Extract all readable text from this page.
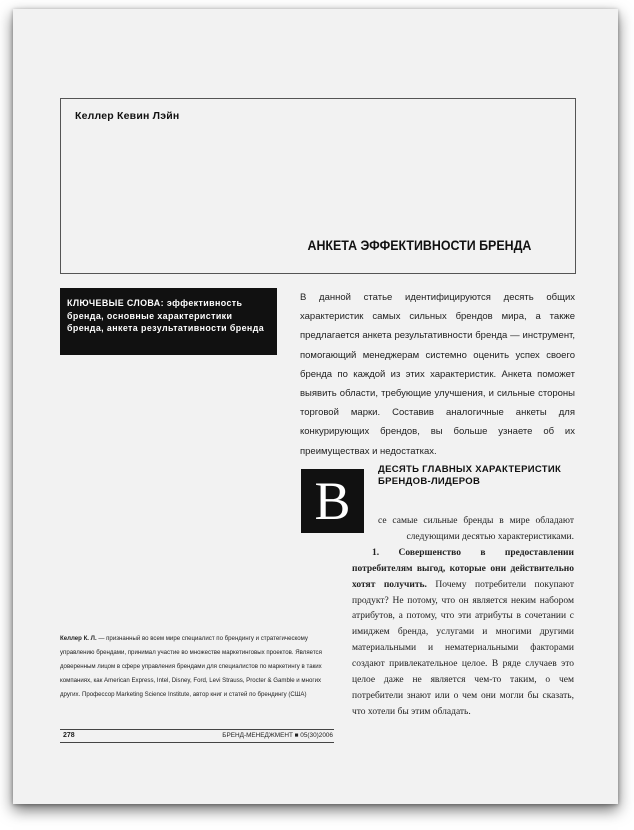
Келлер Кевин Лэйн
АНКЕТА ЭФФЕКТИВНОСТИ БРЕНДА
КЛЮЧЕВЫЕ СЛОВА: эффективность бренда, основные характеристики бренда, анкета результативности бренда
В данной статье идентифицируются десять общих характеристик самых сильных брендов мира, а также предлагается анкета результативности бренда — инструмент, помогающий менеджерам системно оценить успех своего бренда по каждой из этих характеристик. Анкета поможет выявить области, требующие улучшения, и сильные стороны торговой марки. Составив аналогичные анкеты для конкурирующих брендов, вы больше узнаете об их преимуществах и недостатках.
В
ДЕСЯТЬ ГЛАВНЫХ ХАРАКТЕРИСТИК БРЕНДОВ-ЛИДЕРОВ
се самые сильные бренды в мире обладают
следующими десятью характеристиками.

1. Совершенство в предоставлении потребителям выгод, которые они действительно хотят получить. Почему потребители покупают продукт? Не потому, что он является неким набором атрибутов, а потому, что эти атрибуты в сочетании с имиджем бренда, услугами и многими другими материальными и нематериальными факторами создают привлекательное целое. В ряде случаев это целое даже не является чем-то таким, о чем потребители знают или о чем они могли бы сказать, что хотели бы этим обладать.

Келлер К. Л. — признанный во всем мире специалист по брендингу и стратегическому управлению брендами, принимал участие во множестве маркетинговых проектов. Является доверенным лицом в сфере управления брендами для специалистов по маркетингу в таких компаниях, как American Express, Intel, Disney, Ford, Levi Strauss, Procter & Gamble и многих других. Профессор Marketing Science Institute, автор книг и статей по брендингу (США)
278	БРЕНД-МЕНЕДЖМЕНТ ■ 05(30)2006
